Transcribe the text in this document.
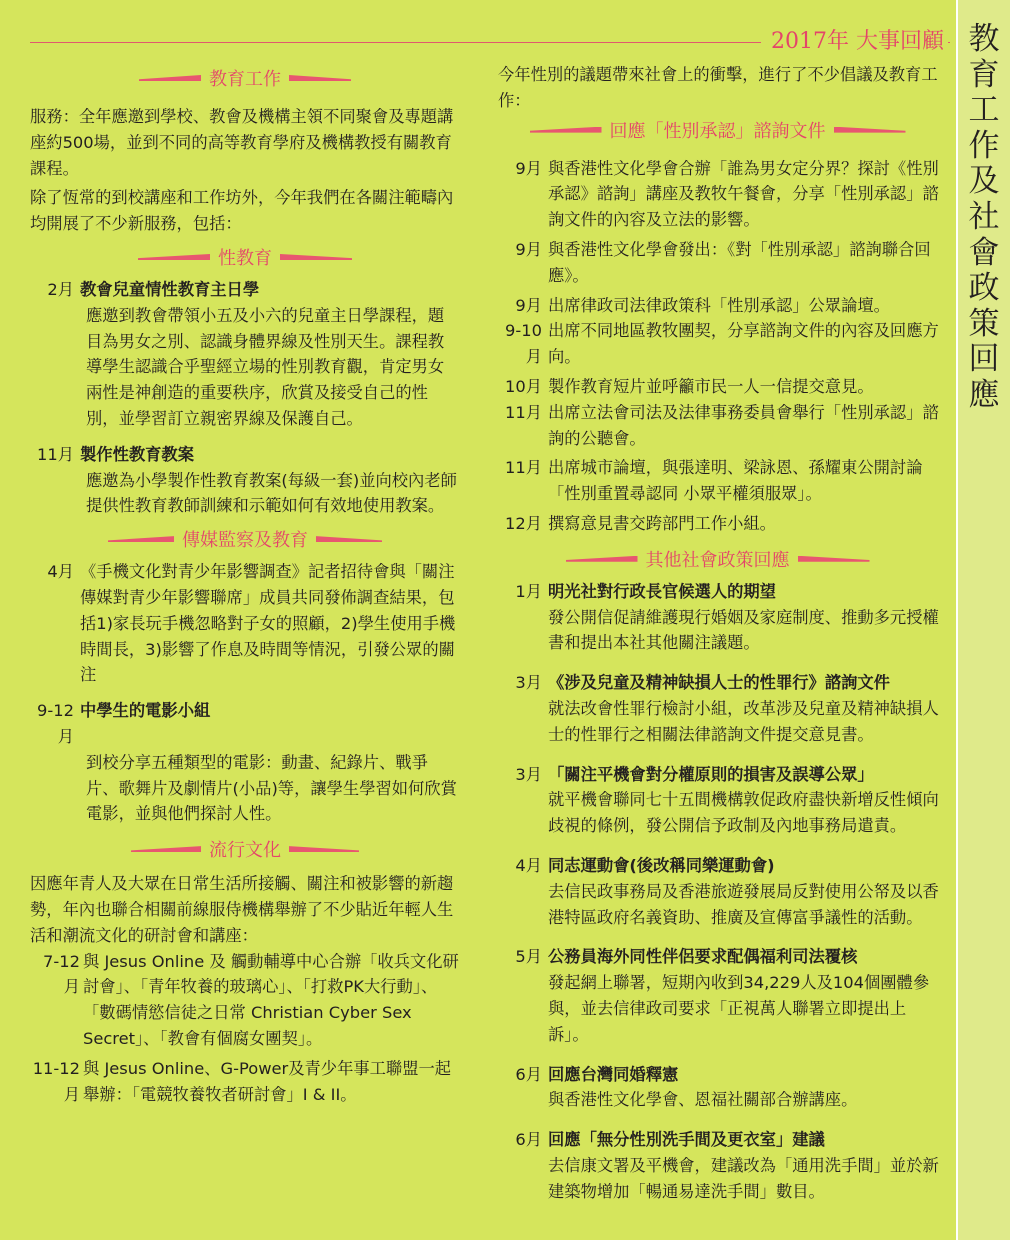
教育工作及社會政策回應
2017年 大事回顧
教育工作

服務：全年應邀到學校、教會及機構主領不同聚會及專題講座約500場，並到不同的高等教育學府及機構教授有關教育課程。

除了恆常的到校講座和工作坊外，今年我們在各關注範疇內均開展了不少新服務，包括：

性教育
2月 教會兒童情性教育主日學
應邀到教會帶領小五及小六的兒童主日學課程，題目為男女之別、認識身體界線及性別天生。課程教導學生認識合乎聖經立場的性別教育觀，肯定男女兩性是神創造的重要秩序，欣賞及接受自己的性別，並學習訂立親密界線及保護自己。
11月 製作性教育教案
應邀為小學製作性教育教案(每級一套)並向校內老師提供性教育教師訓練和示範如何有效地使用教案。
傳媒監察及教育
4月 《手機文化對青少年影響調查》記者招待會與「關注傳媒對青少年影響聯席」成員共同發佈調查結果，包括1)家長玩手機忽略對子女的照顧，2)學生使用手機時間長，3)影響了作息及時間等情況，引發公眾的關注
9-12月
中學生的電影小組
到校分享五種類型的電影：動畫、紀錄片、戰爭片、歌舞片及劇情片(小品)等，讓學生學習如何欣賞電影，並與他們探討人性。
流行文化

因應年青人及大眾在日常生活所接觸、關注和被影響的新趨勢，年內也聯合相關前線服侍機構舉辦了不少貼近年輕人生活和潮流文化的研討會和講座：

7-12月
與 Jesus Online 及 觸動輔導中心合辦「收兵文化研討會」、「青年牧養的玻璃心」、「打救PK大行動」、「數碼情慾信徒之日常 Christian Cyber Sex Secret」、「教會有個腐女團契」。
11-12月
與 Jesus Online、G-Power及青少年事工聯盟一起舉辦：「電競牧養牧者研討會」I & II。

今年性別的議題帶來社會上的衝擊，進行了不少倡議及教育工作：

回應「性別承認」諮詢文件
9月 與香港性文化學會合辦「誰為男女定分界？探討《性別承認》諮詢」講座及教牧午餐會，分享「性別承認」諮詢文件的內容及立法的影響。
9月 與香港性文化學會發出：《對「性別承認」諮詢聯合回應》。
9月 出席律政司法律政策科「性別承認」公眾論壇。
9-10月
出席不同地區教牧團契，分享諮詢文件的內容及回應方向。
10月 製作教育短片並呼籲市民一人一信提交意見。
11月 出席立法會司法及法律事務委員會舉行「性別承認」諮詢的公聽會。
11月 出席城市論壇，與張達明、梁詠恩、孫耀東公開討論「性別重置尋認同 小眾平權須服眾」。
12月 撰寫意見書交跨部門工作小組。
其他社會政策回應
1月 明光社對行政長官候選人的期望
發公開信促請維護現行婚姻及家庭制度、推動多元授權書和提出本社其他關注議題。
3月 《涉及兒童及精神缺損人士的性罪行》諮詢文件
就法改會性罪行檢討小組，改革涉及兒童及精神缺損人士的性罪行之相關法律諮詢文件提交意見書。
3月 「關注平機會對分權原則的損害及誤導公眾」
就平機會聯同七十五間機構敦促政府盡快新增反性傾向歧視的條例，發公開信予政制及內地事務局遣責。
4月 同志運動會(後改稱同樂運動會)
去信民政事務局及香港旅遊發展局反對使用公帑及以香港特區政府名義資助、推廣及宣傳富爭議性的活動。
5月 公務員海外同性伴侶要求配偶福利司法覆核
發起網上聯署，短期內收到34,229人及104個團體參與，並去信律政司要求「正視萬人聯署立即提出上訴」。
6月 回應台灣同婚釋憲
與香港性文化學會、恩福社關部合辦講座。
6月 回應「無分性別洗手間及更衣室」建議
去信康文署及平機會，建議改為「通用洗手間」並於新建築物增加「暢通易達洗手間」數目。
